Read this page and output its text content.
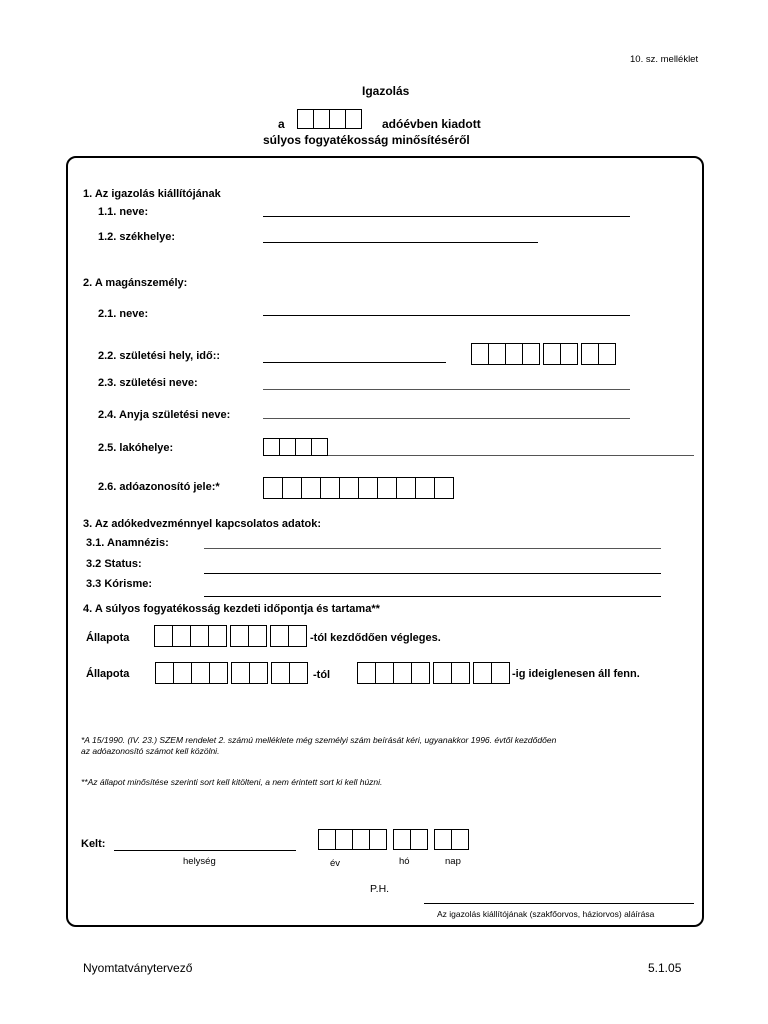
10. sz. melléklet
Igazolás
a	adóévben kiadott
súlyos fogyatékosság minősítéséről
1. Az igazolás kiállítójának
1.1. neve:
1.2. székhelye:
2. A magánszemély:
2.1. neve:
2.2. születési hely, idő::
2.3. születési neve:
2.4. Anyja születési neve:
2.5. lakóhelye:
2.6. adóazonosító jele:*
3. Az adókedvezménnyel kapcsolatos adatok:
3.1. Anamnézis:
3.2 Status:
3.3 Kórisme:
4. A súlyos fogyatékosság kezdeti időpontja és tartama**
Állapota	-tól kezdődően végleges.
Állapota	-tól	-ig ideiglenesen áll fenn.
*A 15/1990. (IV. 23.) SZEM rendelet 2. számú melléklete még személyi szám beírását kéri, ugyanakkor 1996. évtől kezdődően
az adóazonosító számot kell közölni.
**Az állapot minősítése szerinti sort kell kitölteni, a nem érintett sort ki kell húzni.
Kelt:
helység	év	hó	nap
P.H.
Az igazolás kiállítójának (szakfőorvos, háziorvos) aláírása
Nyomtatványtervező	5.1.05
